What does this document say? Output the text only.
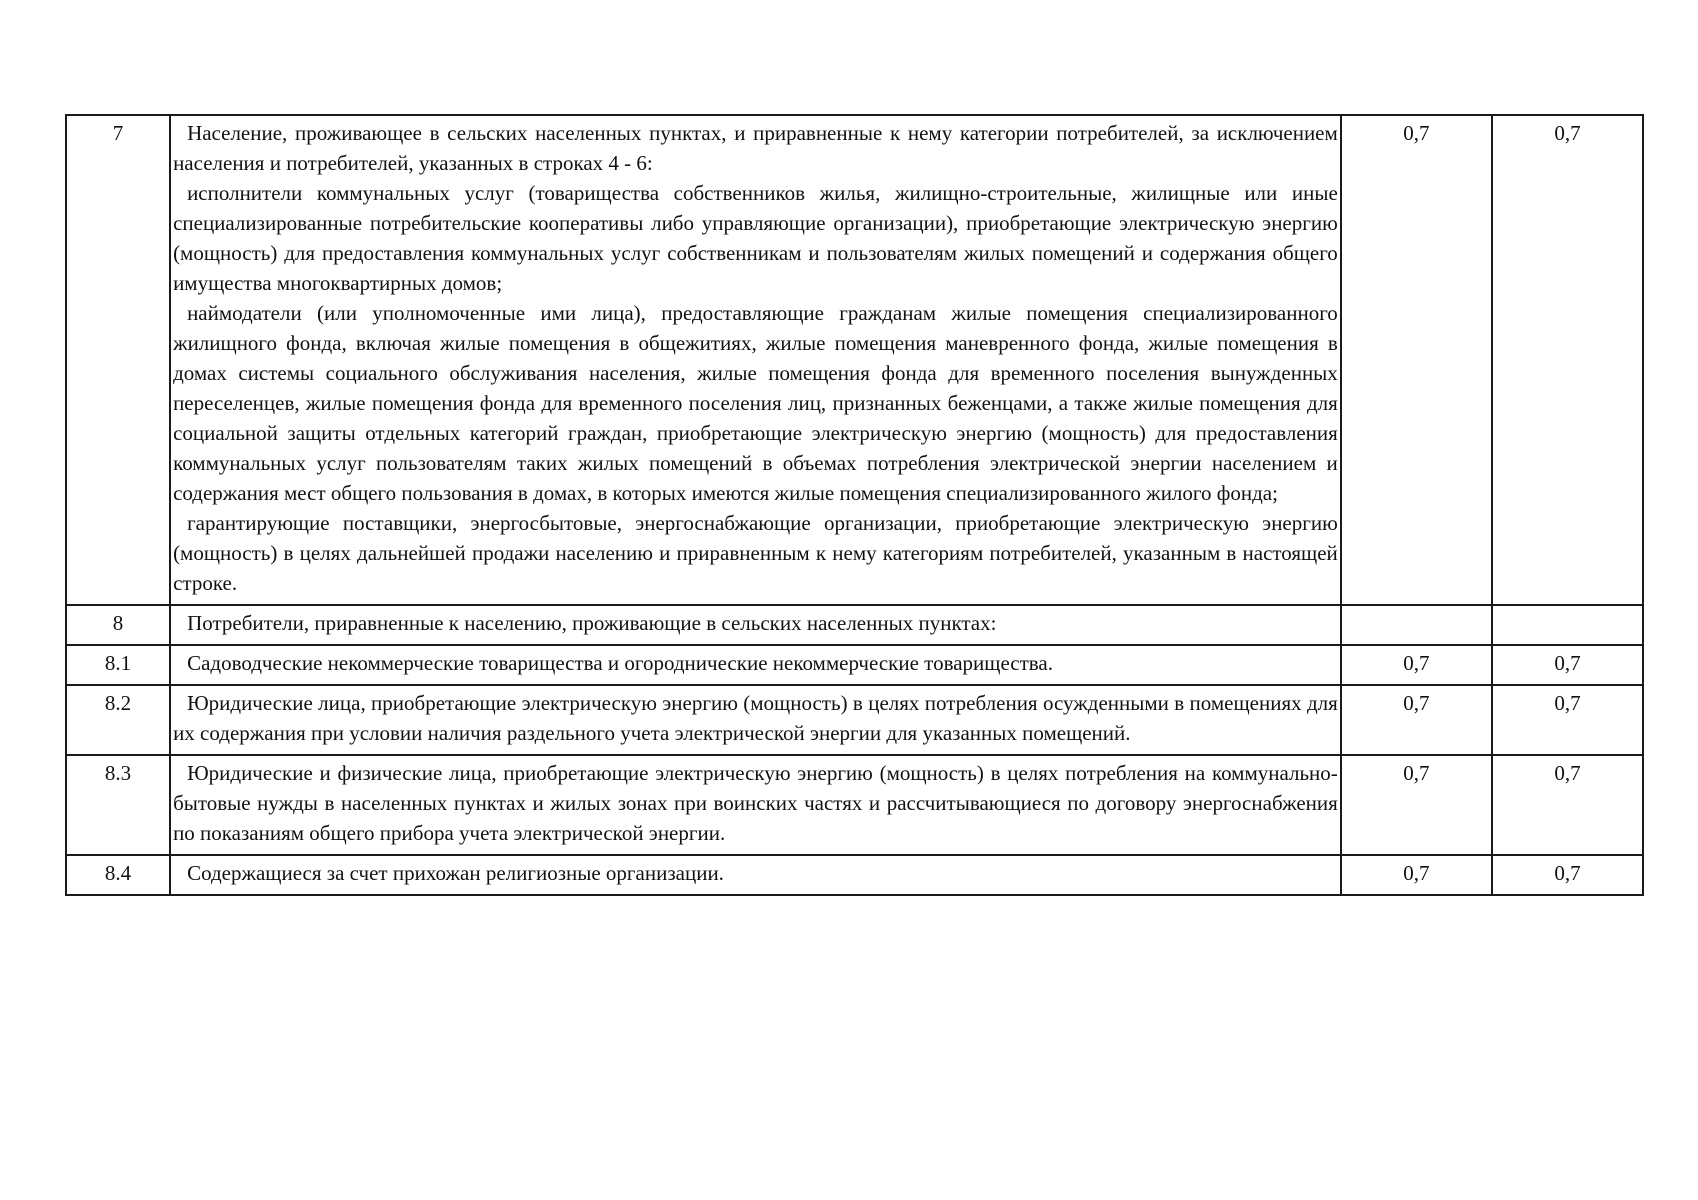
7	Население, проживающее в сельских населенных пунктах, и приравненные к нему категории потребителей, за исключением населения и потребителей, указанных в строках 4 - 6:

исполнители коммунальных услуг (товарищества собственников жилья, жилищно-строительные, жилищные или иные специализированные потребительские кооперативы либо управляющие организации), приобретающие электрическую энергию (мощность) для предоставления коммунальных услуг собственникам и пользователям жилых помещений и содержания общего имущества многоквартирных домов;

наймодатели (или уполномоченные ими лица), предоставляющие гражданам жилые помещения специализированного жилищного фонда, включая жилые помещения в общежитиях, жилые помещения маневренного фонда, жилые помещения в домах системы социального обслуживания населения, жилые помещения фонда для временного поселения вынужденных переселенцев, жилые помещения фонда для временного поселения лиц, признанных беженцами, а также жилые помещения для социальной защиты отдельных категорий граждан, приобретающие электрическую энергию (мощность) для предоставления коммунальных услуг пользователям таких жилых помещений в объемах потребления электрической энергии населением и содержания мест общего пользования в домах, в которых имеются жилые помещения специализированного жилого фонда;

гарантирующие поставщики, энергосбытовые, энергоснабжающие организации, приобретающие электрическую энергию (мощность) в целях дальнейшей продажи населению и приравненным к нему категориям потребителей, указанным в настоящей строке.	0,7	0,7
8	Потребители, приравненные к населению, проживающие в сельских населенных пунктах:		

8.1	Садоводческие некоммерческие товарищества и огороднические некоммерческие товарищества.	0,7	0,7
8.2	Юридические лица, приобретающие электрическую энергию (мощность) в целях потребления осужденными в помещениях для их содержания при условии наличия раздельного учета электрической энергии для указанных помещений.	0,7	0,7
8.3	Юридические и физические лица, приобретающие электрическую энергию (мощность) в целях потребления на коммунально-бытовые нужды в населенных пунктах и жилых зонах при воинских частях и рассчитывающиеся по договору энергоснабжения по показаниям общего прибора учета электрической энергии.	0,7	0,7
8.4	Содержащиеся за счет прихожан религиозные организации.	0,7	0,7
